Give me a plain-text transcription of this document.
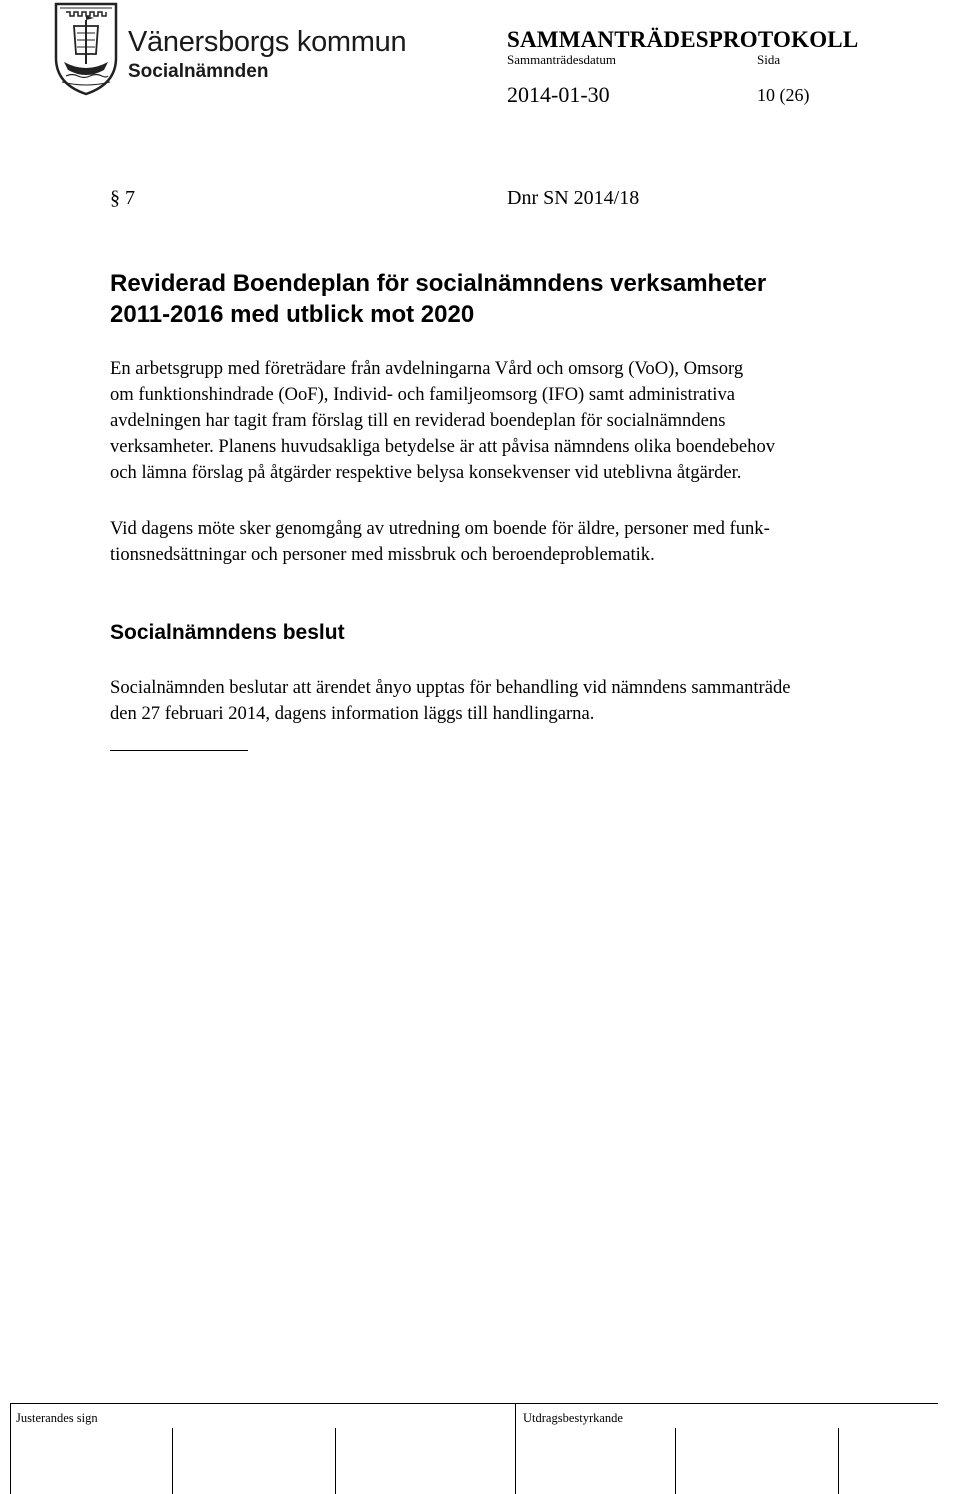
Vänersborgs kommun
Socialnämnden
SAMMANTRÄDESPROTOKOLL
Sammanträdesdatum	Sida
2014-01-30	10 (26)
§ 7	Dnr SN 2014/18
Reviderad Boendeplan för socialnämndens verksamheter
2011-2016 med utblick mot 2020
En arbetsgrupp med företrädare från avdelningarna Vård och omsorg (VoO), Omsorg
om funktionshindrade (OoF), Individ- och familjeomsorg (IFO) samt administrativa
avdelningen har tagit fram förslag till en reviderad boendeplan för socialnämndens
verksamheter. Planens huvudsakliga betydelse är att påvisa nämndens olika boendebehov
och lämna förslag på åtgärder respektive belysa konsekvenser vid uteblivna åtgärder.
Vid dagens möte sker genomgång av utredning om boende för äldre, personer med funk-
tionsnedsättningar och personer med missbruk och beroendeproblematik.
Socialnämndens beslut
Socialnämnden beslutar att ärendet ånyo upptas för behandling vid nämndens sammanträde
den 27 februari 2014, dagens information läggs till handlingarna.
Justerandes sign	Utdragsbestyrkande
